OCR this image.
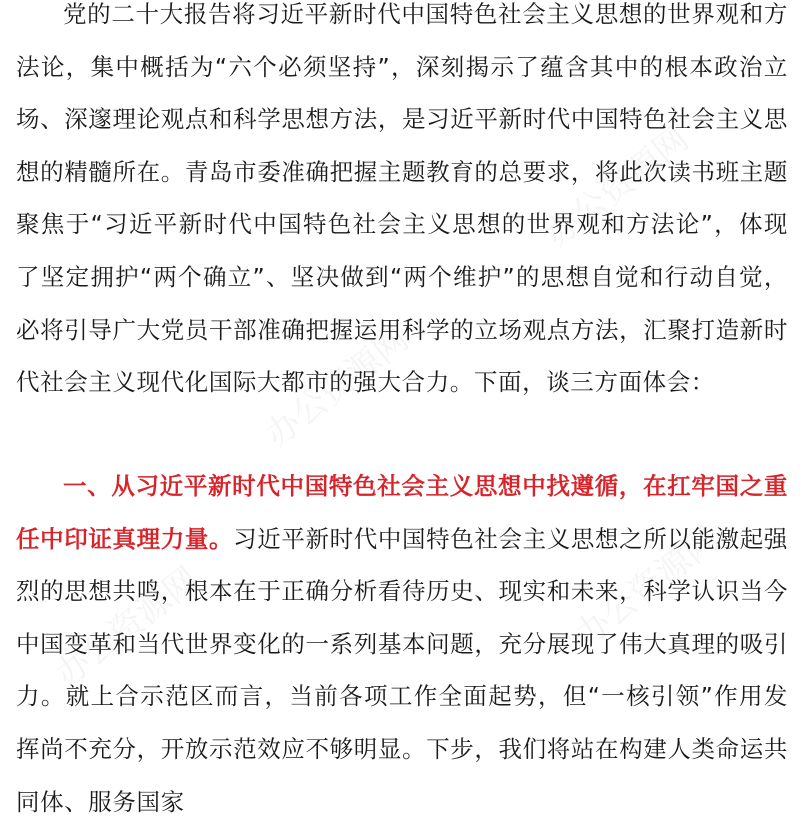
办公资源网
办公资源网
办公资源网
办公资源网

党的二十大报告将习近平新时代中国特色社会主义思想的世界观和方法论，集中概括为“六个必须坚持”，深刻揭示了蕴含其中的根本政治立场、深邃理论观点和科学思想方法，是习近平新时代中国特色社会主义思想的精髓所在。青岛市委准确把握主题教育的总要求，将此次读书班主题聚焦于“习近平新时代中国特色社会主义思想的世界观和方法论”，体现了坚定拥护“两个确立”、坚决做到“两个维护”的思想自觉和行动自觉，必将引导广大党员干部准确把握运用科学的立场观点方法，汇聚打造新时代社会主义现代化国际大都市的强大合力。下面，谈三方面体会：

一、从习近平新时代中国特色社会主义思想中找遵循，在扛牢国之重任中印证真理力量。习近平新时代中国特色社会主义思想之所以能激起强烈的思想共鸣，根本在于正确分析看待历史、现实和未来，科学认识当今中国变革和当代世界变化的一系列基本问题，充分展现了伟大真理的吸引力。就上合示范区而言，当前各项工作全面起势，但“一核引领”作用发挥尚不充分，开放示范效应不够明显。下步，我们将站在构建人类命运共同体、服务国家
